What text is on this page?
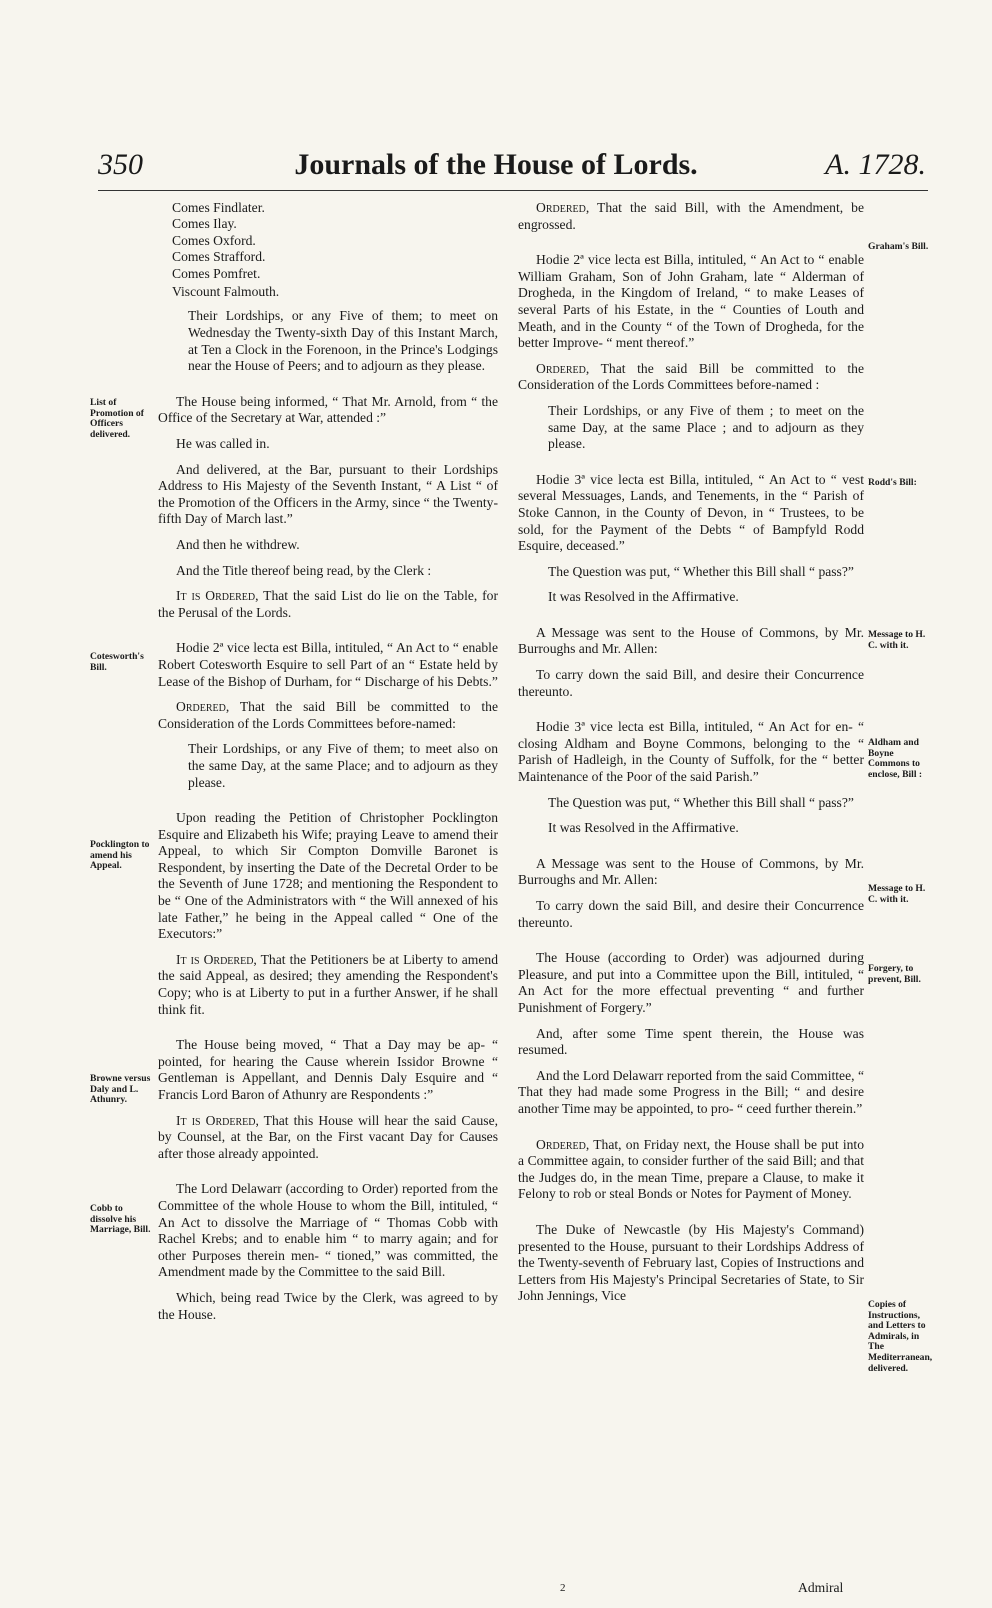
350	Journals of the House of Lords.	A. 1728.
List of Promotion of Officers delivered.
Cotesworth's Bill.
Pocklington to amend his Appeal.
Browne versus Daly and L. Athunry.
Cobb to dissolve his Marriage, Bill.
Graham's Bill.
Rodd's Bill:
Message to H. C. with it.
Aldham and Boyne Commons to enclose, Bill :
Message to H. C. with it.
Forgery, to prevent, Bill.
Copies of Instructions, and Letters to Admirals, in The Mediterranean, delivered.
Comes Findlater.
Comes Ilay.
Comes Oxford.
Comes Strafford.
Comes Pomfret.
Viscount Falmouth.

Their Lordships, or any Five of them; to meet on Wednesday the Twenty-sixth Day of this Instant March, at Ten a Clock in the Forenoon, in the Prince's Lodgings near the House of Peers; and to adjourn as they please.

The House being informed, “ That Mr. Arnold, from “ the Office of the Secretary at War, attended :”

He was called in.

And delivered, at the Bar, pursuant to their Lordships Address to His Majesty of the Seventh Instant, “ A List “ of the Promotion of the Officers in the Army, since “ the Twenty-fifth Day of March last.”

And then he withdrew.

And the Title thereof being read, by the Clerk :

It is Ordered, That the said List do lie on the Table, for the Perusal of the Lords.

Hodie 2ª vice lecta est Billa, intituled, “ An Act to “ enable Robert Cotesworth Esquire to sell Part of an “ Estate held by Lease of the Bishop of Durham, for “ Discharge of his Debts.”

Ordered, That the said Bill be committed to the Consideration of the Lords Committees before-named:

Their Lordships, or any Five of them; to meet also on the same Day, at the same Place; and to adjourn as they please.

Upon reading the Petition of Christopher Pocklington Esquire and Elizabeth his Wife; praying Leave to amend their Appeal, to which Sir Compton Domville Baronet is Respondent, by inserting the Date of the Decretal Order to be the Seventh of June 1728; and mentioning the Respondent to be “ One of the Administrators with “ the Will annexed of his late Father,” he being in the Appeal called “ One of the Executors:”

It is Ordered, That the Petitioners be at Liberty to amend the said Appeal, as desired; they amending the Respondent's Copy; who is at Liberty to put in a further Answer, if he shall think fit.

The House being moved, “ That a Day may be ap- “ pointed, for hearing the Cause wherein Issidor Browne “ Gentleman is Appellant, and Dennis Daly Esquire and “ Francis Lord Baron of Athunry are Respondents :”

It is Ordered, That this House will hear the said Cause, by Counsel, at the Bar, on the First vacant Day for Causes after those already appointed.

The Lord Delawarr (according to Order) reported from the Committee of the whole House to whom the Bill, intituled, “ An Act to dissolve the Marriage of “ Thomas Cobb with Rachel Krebs; and to enable him “ to marry again; and for other Purposes therein men- “ tioned,” was committed, the Amendment made by the Committee to the said Bill.

Which, being read Twice by the Clerk, was agreed to by the House.

Ordered, That the said Bill, with the Amendment, be engrossed.

Hodie 2ª vice lecta est Billa, intituled, “ An Act to “ enable William Graham, Son of John Graham, late “ Alderman of Drogheda, in the Kingdom of Ireland, “ to make Leases of several Parts of his Estate, in the “ Counties of Louth and Meath, and in the County “ of the Town of Drogheda, for the better Improve- “ ment thereof.”

Ordered, That the said Bill be committed to the Consideration of the Lords Committees before-named :

Their Lordships, or any Five of them ; to meet on the same Day, at the same Place ; and to adjourn as they please.

Hodie 3ª vice lecta est Billa, intituled, “ An Act to “ vest several Messuages, Lands, and Tenements, in the “ Parish of Stoke Cannon, in the County of Devon, in “ Trustees, to be sold, for the Payment of the Debts “ of Bampfyld Rodd Esquire, deceased.”

The Question was put, “ Whether this Bill shall “ pass?”

It was Resolved in the Affirmative.

A Message was sent to the House of Commons, by Mr. Burroughs and Mr. Allen:

To carry down the said Bill, and desire their Concurrence thereunto.

Hodie 3ª vice lecta est Billa, intituled, “ An Act for en- “ closing Aldham and Boyne Commons, belonging to the “ Parish of Hadleigh, in the County of Suffolk, for the “ better Maintenance of the Poor of the said Parish.”

The Question was put, “ Whether this Bill shall “ pass?”

It was Resolved in the Affirmative.

A Message was sent to the House of Commons, by Mr. Burroughs and Mr. Allen:

To carry down the said Bill, and desire their Concurrence thereunto.

The House (according to Order) was adjourned during Pleasure, and put into a Committee upon the Bill, intituled, “ An Act for the more effectual preventing “ and further Punishment of Forgery.”

And, after some Time spent therein, the House was resumed.

And the Lord Delawarr reported from the said Committee, “ That they had made some Progress in the Bill; “ and desire another Time may be appointed, to pro- “ ceed further therein.”

Ordered, That, on Friday next, the House shall be put into a Committee again, to consider further of the said Bill; and that the Judges do, in the mean Time, prepare a Clause, to make it Felony to rob or steal Bonds or Notes for Payment of Money.

The Duke of Newcastle (by His Majesty's Command) presented to the House, pursuant to their Lordships Address of the Twenty-seventh of February last, Copies of Instructions and Letters from His Majesty's Principal Secretaries of State, to Sir John Jennings, Vice

2	Admiral
